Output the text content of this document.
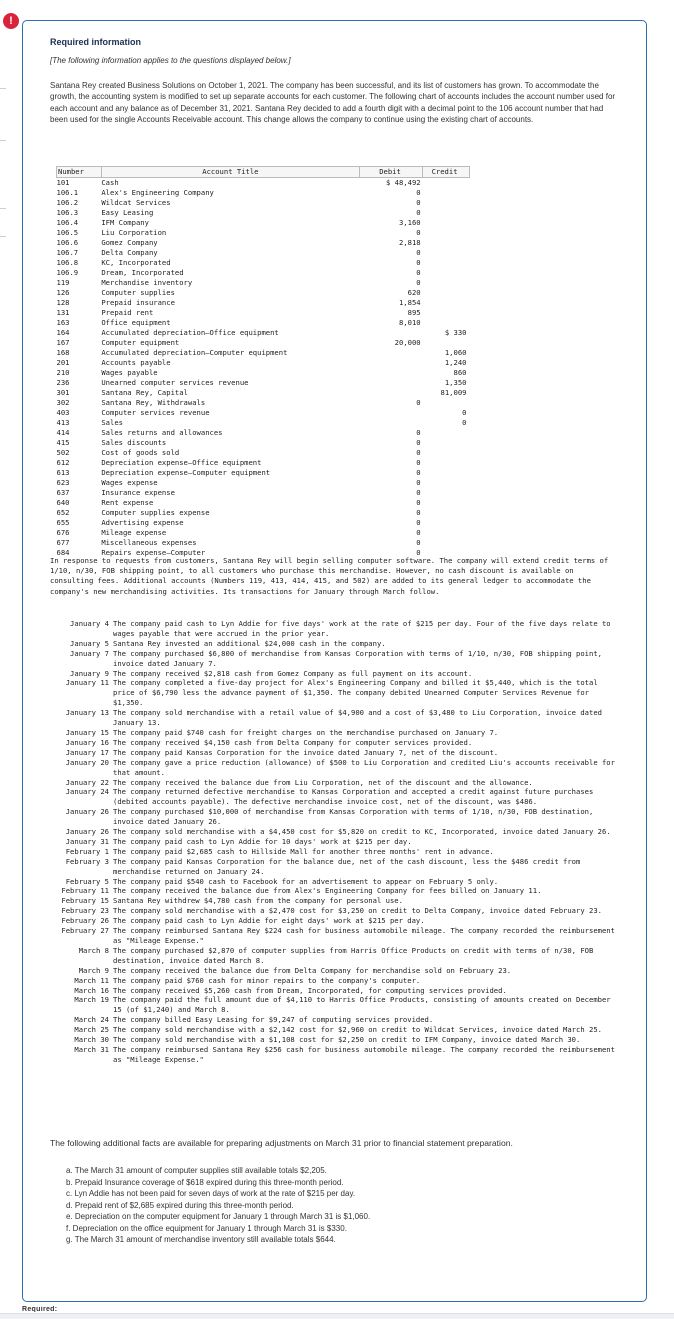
!
Required information
[The following information applies to the questions displayed below.]
Santana Rey created Business Solutions on October 1, 2021. The company has been successful, and its list of customers has grown. To accommodate the growth, the accounting system is modified to set up separate accounts for each customer. The following chart of accounts includes the account number used for each account and any balance as of December 31, 2021. Santana Rey decided to add a fourth digit with a decimal point to the 106 account number that had been used for the single Accounts Receivable account. This change allows the company to continue using the existing chart of accounts.
Number	Account Title	Debit	Credit
101	Cash	$ 48,492	
106.1	Alex's Engineering Company	0	
106.2	Wildcat Services	0	
106.3	Easy Leasing	0	
106.4	IFM Company	3,160	
106.5	Liu Corporation	0	
106.6	Gomez Company	2,818	
106.7	Delta Company	0	
106.8	KC, Incorporated	0	
106.9	Dream, Incorporated	0	
119	Merchandise inventory	0	
126	Computer supplies	620	
128	Prepaid insurance	1,854	
131	Prepaid rent	895	
163	Office equipment	8,010	
164	Accumulated depreciation—Office equipment		$ 330
167	Computer equipment	20,000	
168	Accumulated depreciation—Computer equipment		1,060
201	Accounts payable		1,240
210	Wages payable		860
236	Unearned computer services revenue		1,350
301	Santana Rey, Capital		81,009
302	Santana Rey, Withdrawals	0	
403	Computer services revenue		0
413	Sales		0
414	Sales returns and allowances	0	
415	Sales discounts	0	
502	Cost of goods sold	0	
612	Depreciation expense—Office equipment	0	
613	Depreciation expense—Computer equipment	0	
623	Wages expense	0	
637	Insurance expense	0	
640	Rent expense	0	
652	Computer supplies expense	0	
655	Advertising expense	0	
676	Mileage expense	0	
677	Miscellaneous expenses	0	
684	Repairs expense—Computer	0	
In response to requests from customers, Santana Rey will begin selling computer software. The company will extend credit terms of 1/10, n/30, FOB shipping point, to all customers who purchase this merchandise. However, no cash discount is available on consulting fees. Additional accounts (Numbers 119, 413, 414, 415, and 502) are added to its general ledger to accommodate the company's new merchandising activities. Its transactions for January through March follow.
January 4	The company paid cash to Lyn Addie for five days' work at the rate of $215 per day. Four of the five days relate to wages payable that were accrued in the prior year.
January 5	Santana Rey invested an additional $24,000 cash in the company.
January 7	The company purchased $6,800 of merchandise from Kansas Corporation with terms of 1/10, n/30, FOB shipping point, invoice dated January 7.
January 9	The company received $2,818 cash from Gomez Company as full payment on its account.
January 11	The company completed a five-day project for Alex's Engineering Company and billed it $5,440, which is the total price of $6,790 less the advance payment of $1,350. The company debited Unearned Computer Services Revenue for $1,350.
January 13	The company sold merchandise with a retail value of $4,900 and a cost of $3,480 to Liu Corporation, invoice dated January 13.
January 15	The company paid $740 cash for freight charges on the merchandise purchased on January 7.
January 16	The company received $4,150 cash from Delta Company for computer services provided.
January 17	The company paid Kansas Corporation for the invoice dated January 7, net of the discount.
January 20	The company gave a price reduction (allowance) of $500 to Liu Corporation and credited Liu's accounts receivable for that amount.
January 22	The company received the balance due from Liu Corporation, net of the discount and the allowance.
January 24	The company returned defective merchandise to Kansas Corporation and accepted a credit against future purchases (debited accounts payable). The defective merchandise invoice cost, net of the discount, was $486.
January 26	The company purchased $10,000 of merchandise from Kansas Corporation with terms of 1/10, n/30, FOB destination, invoice dated January 26.
January 26	The company sold merchandise with a $4,450 cost for $5,820 on credit to KC, Incorporated, invoice dated January 26.
January 31	The company paid cash to Lyn Addie for 10 days' work at $215 per day.
February 1	The company paid $2,685 cash to Hillside Mall for another three months' rent in advance.
February 3	The company paid Kansas Corporation for the balance due, net of the cash discount, less the $486 credit from merchandise returned on January 24.
February 5	The company paid $540 cash to Facebook for an advertisement to appear on February 5 only.
February 11	The company received the balance due from Alex's Engineering Company for fees billed on January 11.
February 15	Santana Rey withdrew $4,780 cash from the company for personal use.
February 23	The company sold merchandise with a $2,470 cost for $3,250 on credit to Delta Company, invoice dated February 23.
February 26	The company paid cash to Lyn Addie for eight days' work at $215 per day.
February 27	The company reimbursed Santana Rey $224 cash for business automobile mileage. The company recorded the reimbursement as "Mileage Expense."
March 8	The company purchased $2,870 of computer supplies from Harris Office Products on credit with terms of n/30, FOB destination, invoice dated March 8.
March 9	The company received the balance due from Delta Company for merchandise sold on February 23.
March 11	The company paid $760 cash for minor repairs to the company's computer.
March 16	The company received $5,260 cash from Dream, Incorporated, for computing services provided.
March 19	The company paid the full amount due of $4,110 to Harris Office Products, consisting of amounts created on December 15 (of $1,240) and March 8.
March 24	The company billed Easy Leasing for $9,247 of computing services provided.
March 25	The company sold merchandise with a $2,142 cost for $2,960 on credit to Wildcat Services, invoice dated March 25.
March 30	The company sold merchandise with a $1,108 cost for $2,250 on credit to IFM Company, invoice dated March 30.
March 31	The company reimbursed Santana Rey $256 cash for business automobile mileage. The company recorded the reimbursement as "Mileage Expense."
The following additional facts are available for preparing adjustments on March 31 prior to financial statement preparation.
a. The March 31 amount of computer supplies still available totals $2,205.
b. Prepaid Insurance coverage of $618 expired during this three-month period.
c. Lyn Addie has not been paid for seven days of work at the rate of $215 per day.
d. Prepaid rent of $2,685 expired during this three-month period.
e. Depreciation on the computer equipment for January 1 through March 31 is $1,060.
f. Depreciation on the office equipment for January 1 through March 31 is $330.
g. The March 31 amount of merchandise inventory still available totals $644.
Required:
